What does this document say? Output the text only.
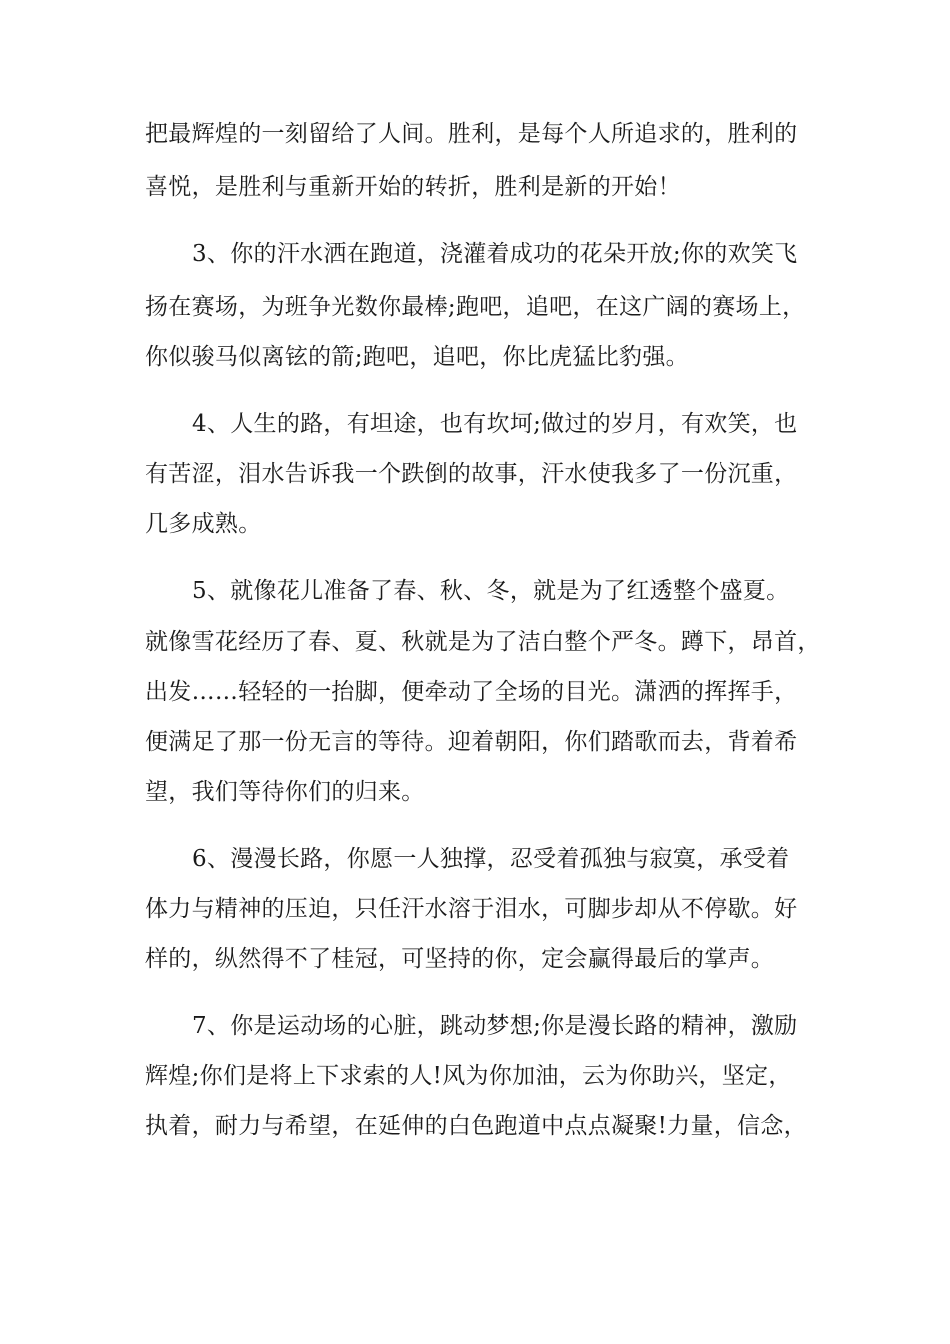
把最辉煌的一刻留给了人间。胜利，是每个人所追求的，胜利的
喜悦，是胜利与重新开始的转折，胜利是新的开始！
3、你的汗水洒在跑道，浇灌着成功的花朵开放;你的欢笑飞
扬在赛场，为班争光数你最棒;跑吧，追吧，在这广阔的赛场上，
你似骏马似离铉的箭;跑吧，追吧，你比虎猛比豹强。
4、人生的路，有坦途，也有坎坷;做过的岁月，有欢笑，也
有苦涩，泪水告诉我一个跌倒的故事，汗水使我多了一份沉重，
几多成熟。
5、就像花儿准备了春、秋、冬，就是为了红透整个盛夏。
就像雪花经历了春、夏、秋就是为了洁白整个严冬。蹲下，昂首，
出发……轻轻的一抬脚，便牵动了全场的目光。潇洒的挥挥手，
便满足了那一份无言的等待。迎着朝阳，你们踏歌而去，背着希
望，我们等待你们的归来。
6、漫漫长路，你愿一人独撑，忍受着孤独与寂寞，承受着
体力与精神的压迫，只任汗水溶于泪水，可脚步却从不停歇。好
样的，纵然得不了桂冠，可坚持的你，定会赢得最后的掌声。
7、你是运动场的心脏，跳动梦想;你是漫长路的精神，激励
辉煌;你们是将上下求索的人!风为你加油，云为你助兴，坚定，
执着，耐力与希望，在延伸的白色跑道中点点凝聚!力量，信念，
